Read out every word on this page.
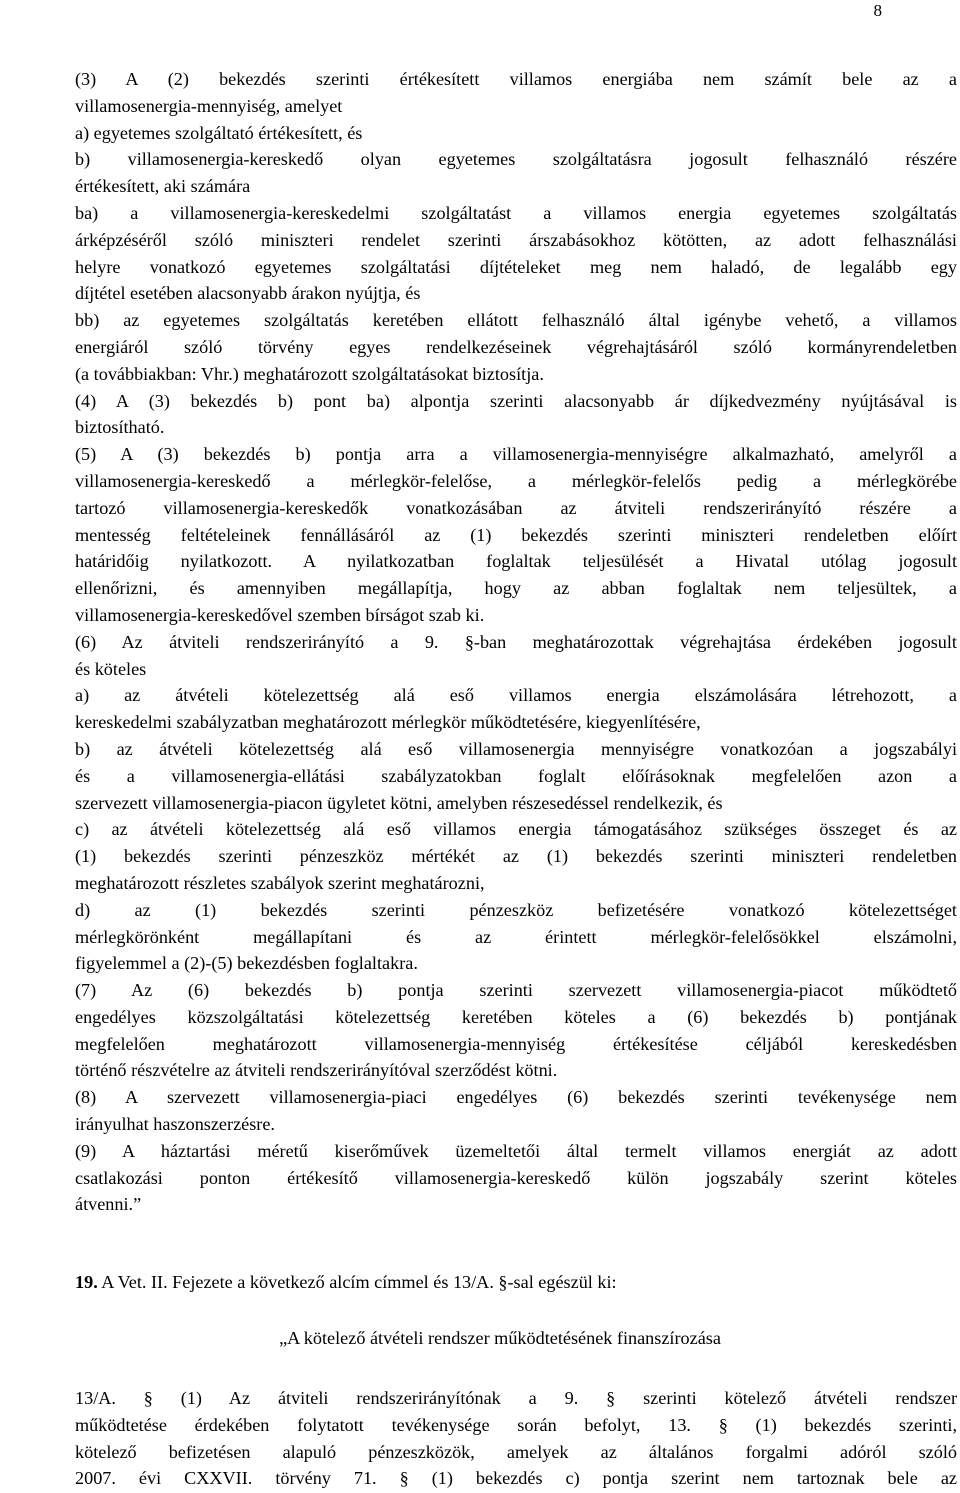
8
(3) A (2) bekezdés szerinti értékesített villamos energiába nem számít bele az a
villamosenergia-mennyiség, amelyet
a) egyetemes szolgáltató értékesített, és
b) villamosenergia-kereskedő olyan egyetemes szolgáltatásra jogosult felhasználó részére
értékesített, aki számára
ba) a villamosenergia-kereskedelmi szolgáltatást a villamos energia egyetemes szolgáltatás
árképzéséről szóló miniszteri rendelet szerinti árszabásokhoz kötötten, az adott felhasználási
helyre vonatkozó egyetemes szolgáltatási díjtételeket meg nem haladó, de legalább egy
díjtétel esetében alacsonyabb árakon nyújtja, és
bb) az egyetemes szolgáltatás keretében ellátott felhasználó által igénybe vehető, a villamos
energiáról szóló törvény egyes rendelkezéseinek végrehajtásáról szóló kormányrendeletben
(a továbbiakban: Vhr.) meghatározott szolgáltatásokat biztosítja.
(4) A (3) bekezdés b) pont ba) alpontja szerinti alacsonyabb ár díjkedvezmény nyújtásával is
biztosítható.
(5) A (3) bekezdés b) pontja arra a villamosenergia-mennyiségre alkalmazható, amelyről a
villamosenergia-kereskedő a mérlegkör-felelőse, a mérlegkör-felelős pedig a mérlegkörébe
tartozó villamosenergia-kereskedők vonatkozásában az átviteli rendszerirányító részére a
mentesség feltételeinek fennállásáról az (1) bekezdés szerinti miniszteri rendeletben előírt
határidőig nyilatkozott. A nyilatkozatban foglaltak teljesülését a Hivatal utólag jogosult
ellenőrizni, és amennyiben megállapítja, hogy az abban foglaltak nem teljesültek, a
villamosenergia-kereskedővel szemben bírságot szab ki.
(6) Az átviteli rendszerirányító a 9. §-ban meghatározottak végrehajtása érdekében jogosult
és köteles
a) az átvételi kötelezettség alá eső villamos energia elszámolására létrehozott, a
kereskedelmi szabályzatban meghatározott mérlegkör működtetésére, kiegyenlítésére,
b) az átvételi kötelezettség alá eső villamosenergia mennyiségre vonatkozóan a jogszabályi
és a villamosenergia-ellátási szabályzatokban foglalt előírásoknak megfelelően azon a
szervezett villamosenergia-piacon ügyletet kötni, amelyben részesedéssel rendelkezik, és
c) az átvételi kötelezettség alá eső villamos energia támogatásához szükséges összeget és az
(1) bekezdés szerinti pénzeszköz mértékét az (1) bekezdés szerinti miniszteri rendeletben
meghatározott részletes szabályok szerint meghatározni,
d) az (1) bekezdés szerinti pénzeszköz befizetésére vonatkozó kötelezettséget
mérlegkörönként megállapítani és az érintett mérlegkör-felelősökkel elszámolni,
figyelemmel a (2)-(5) bekezdésben foglaltakra.
(7) Az (6) bekezdés b) pontja szerinti szervezett villamosenergia-piacot működtető
engedélyes közszolgáltatási kötelezettség keretében köteles a (6) bekezdés b) pontjának
megfelelően meghatározott villamosenergia-mennyiség értékesítése céljából kereskedésben
történő részvételre az átviteli rendszerirányítóval szerződést kötni.
(8) A szervezett villamosenergia-piaci engedélyes (6) bekezdés szerinti tevékenysége nem
irányulhat haszonszerzésre.
(9) A háztartási méretű kiserőművek üzemeltetői által termelt villamos energiát az adott
csatlakozási ponton értékesítő villamosenergia-kereskedő külön jogszabály szerint köteles
átvenni.”
19. A Vet. II. Fejezete a következő alcím címmel és 13/A. §-sal egészül ki:
„A kötelező átvételi rendszer működtetésének finanszírozása
13/A. § (1) Az átviteli rendszerirányítónak a 9. § szerinti kötelező átvételi rendszer
működtetése érdekében folytatott tevékenysége során befolyt, 13. § (1) bekezdés szerinti,
kötelező befizetésen alapuló pénzeszközök, amelyek az általános forgalmi adóról szóló
2007. évi CXXVII. törvény 71. § (1) bekezdés c) pontja szerint nem tartoznak bele az
